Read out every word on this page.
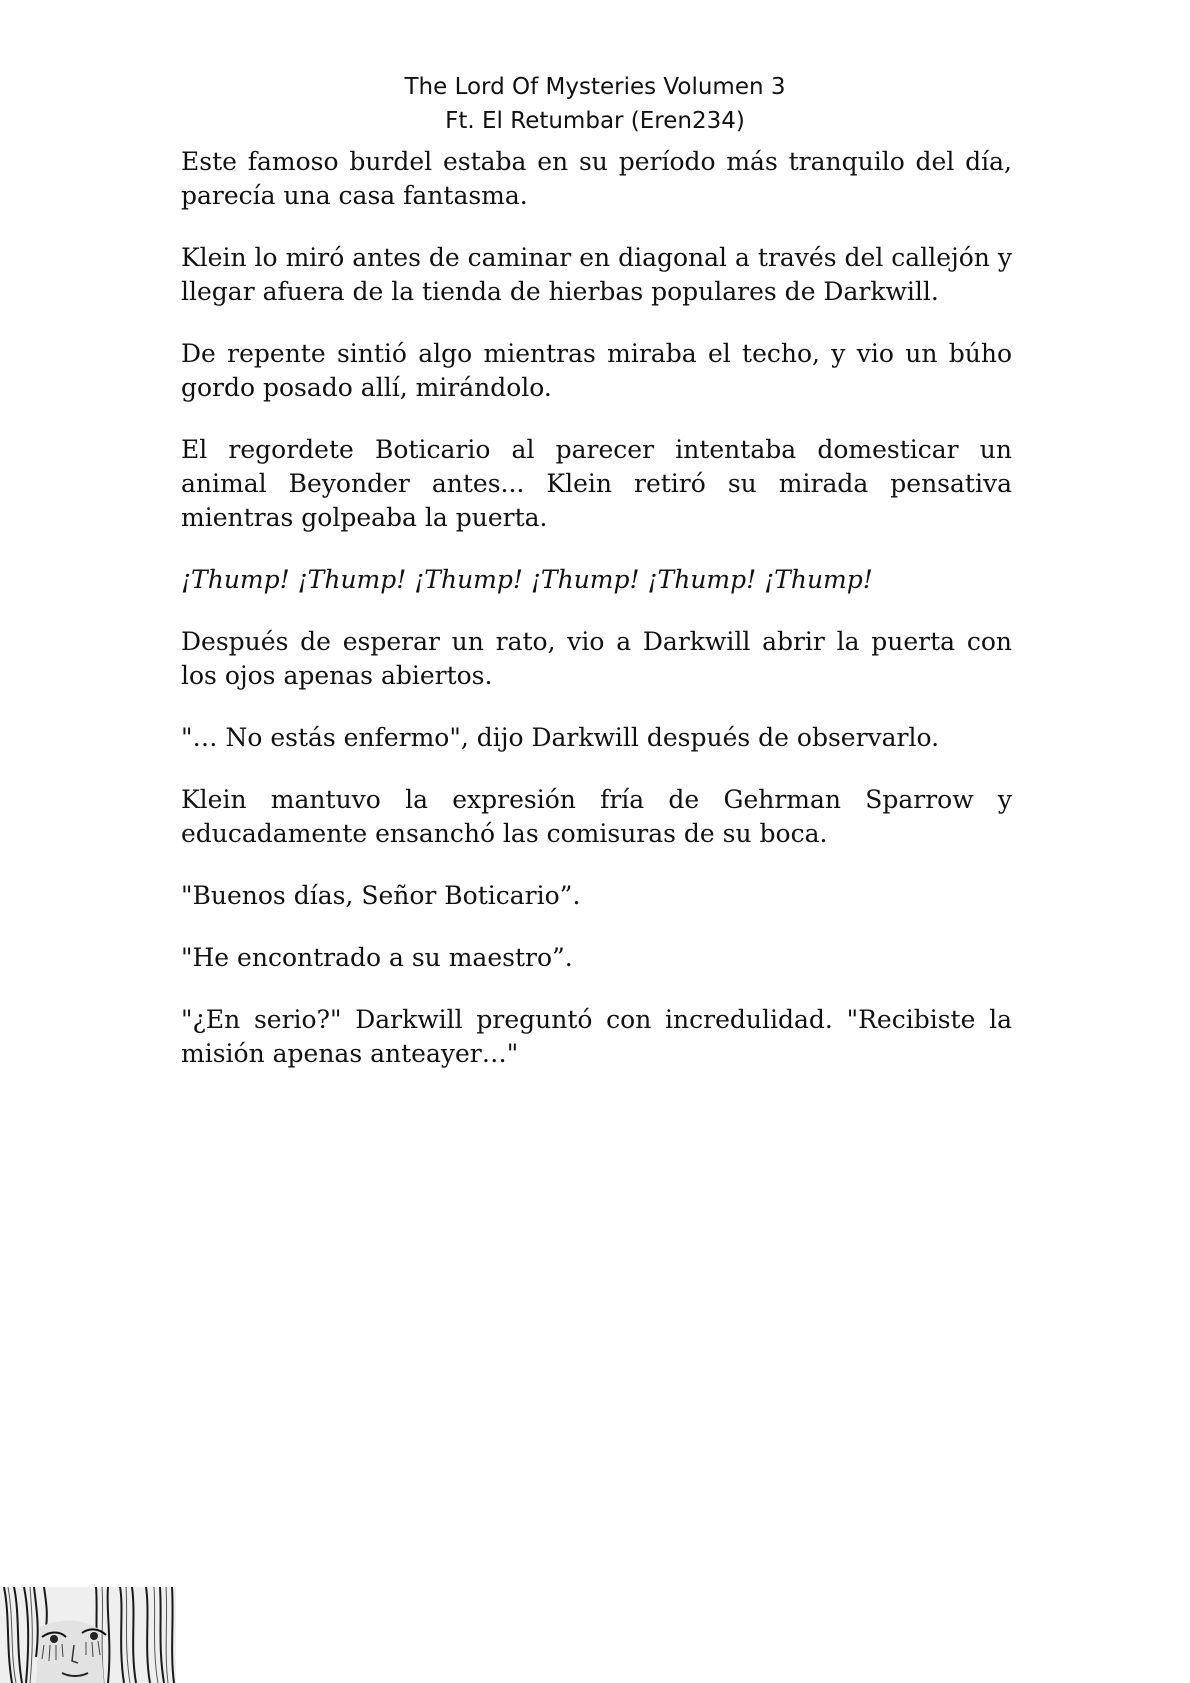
The Lord Of Mysteries Volumen 3
Ft. El Retumbar (Eren234)

Este famoso burdel estaba en su período más tranquilo del día, parecía una casa fantasma.

Klein lo miró antes de caminar en diagonal a través del callejón y llegar afuera de la tienda de hierbas populares de Darkwill.

De repente sintió algo mientras miraba el techo, y vio un búho gordo posado allí, mirándolo.

El regordete Boticario al parecer intentaba domesticar un animal Beyonder antes... Klein retiró su mirada pensativa mientras golpeaba la puerta.

¡Thump! ¡Thump! ¡Thump! ¡Thump! ¡Thump! ¡Thump!

Después de esperar un rato, vio a Darkwill abrir la puerta con los ojos apenas abiertos.

"… No estás enfermo", dijo Darkwill después de observarlo.

Klein mantuvo la expresión fría de Gehrman Sparrow y educadamente ensanchó las comisuras de su boca.

"Buenos días, Señor Boticario”.

"He encontrado a su maestro”.

"¿En serio?" Darkwill preguntó con incredulidad. "Recibiste la misión apenas anteayer…"
